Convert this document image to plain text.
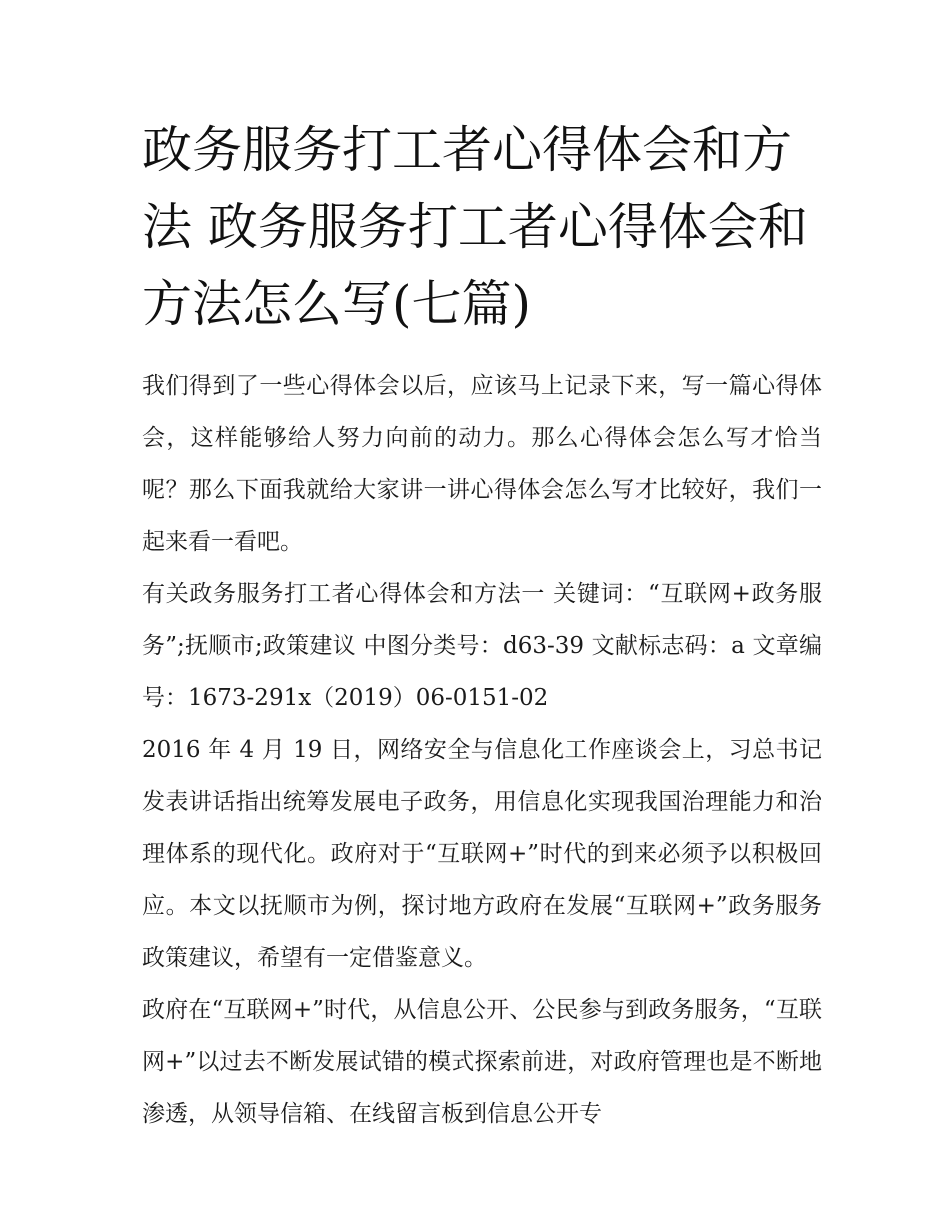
政务服务打工者心得体会和方法 政务服务打工者心得体会和方法怎么写(七篇)

我们得到了一些心得体会以后，应该马上记录下来，写一篇心得体会，这样能够给人努力向前的动力。那么心得体会怎么写才恰当呢？那么下面我就给大家讲一讲心得体会怎么写才比较好，我们一起来看一看吧。

有关政务服务打工者心得体会和方法一 关键词：“互联网+政务服务”;抚顺市;政策建议 中图分类号：d63-39 文献标志码：a 文章编号：1673-291x（2019）06-0151-02

2016 年 4 月 19 日，网络安全与信息化工作座谈会上，习总书记发表讲话指出统筹发展电子政务，用信息化实现我国治理能力和治理体系的现代化。政府对于“互联网+”时代的到来必须予以积极回应。本文以抚顺市为例，探讨地方政府在发展“互联网+”政务服务政策建议，希望有一定借鉴意义。

政府在“互联网+”时代，从信息公开、公民参与到政务服务，“互联网+”以过去不断发展试错的模式探索前进，对政府管理也是不断地渗透，从领导信箱、在线留言板到信息公开专
